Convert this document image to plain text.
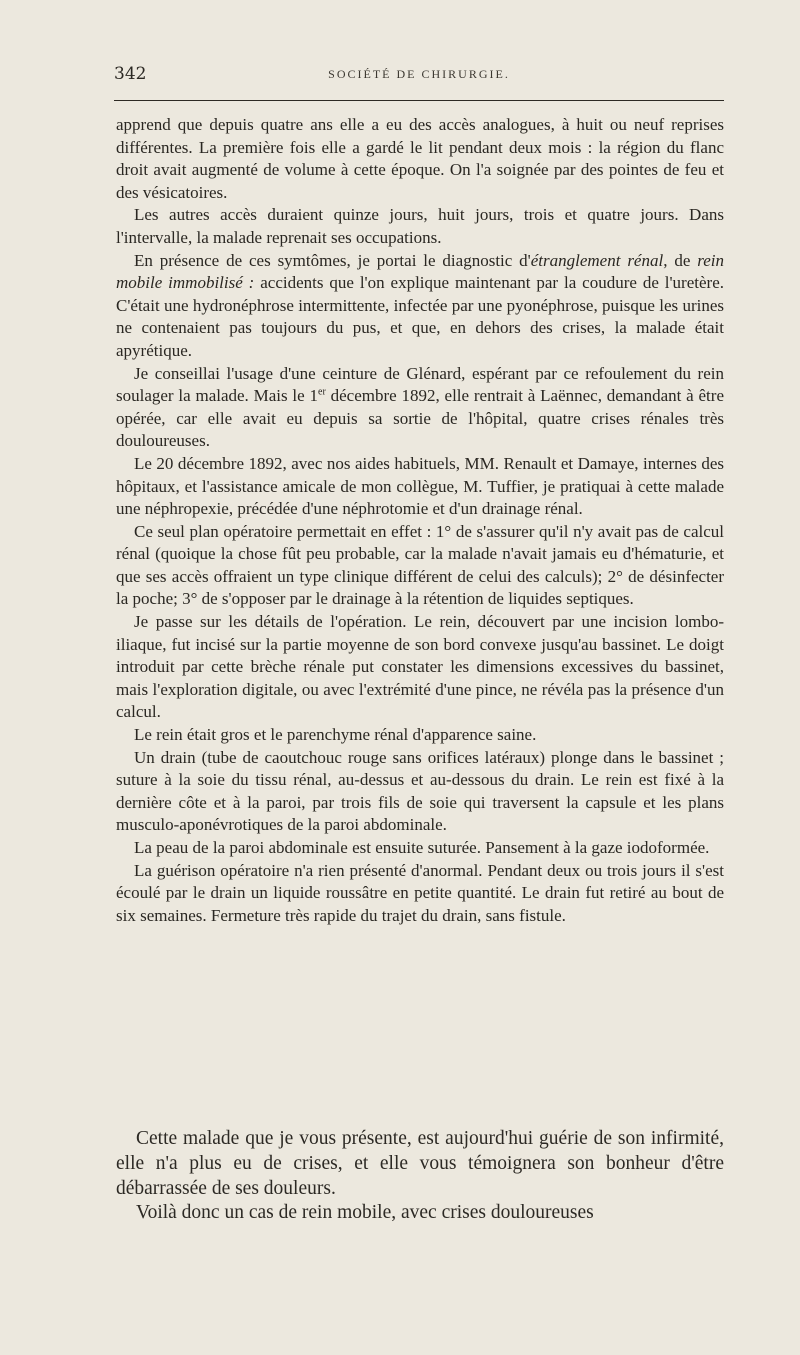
342	SOCIÉTÉ DE CHIRURGIE.

apprend que depuis quatre ans elle a eu des accès analogues, à huit ou neuf reprises différentes. La première fois elle a gardé le lit pendant deux mois : la région du flanc droit avait augmenté de volume à cette époque. On l'a soignée par des pointes de feu et des vésicatoires.

Les autres accès duraient quinze jours, huit jours, trois et quatre jours. Dans l'intervalle, la malade reprenait ses occupations.

En présence de ces symtômes, je portai le diagnostic d'étranglement rénal, de rein mobile immobilisé : accidents que l'on explique maintenant par la coudure de l'uretère. C'était une hydronéphrose intermittente, infectée par une pyonéphrose, puisque les urines ne contenaient pas toujours du pus, et que, en dehors des crises, la malade était apyrétique.

Je conseillai l'usage d'une ceinture de Glénard, espérant par ce refoulement du rein soulager la malade. Mais le 1er décembre 1892, elle rentrait à Laënnec, demandant à être opérée, car elle avait eu depuis sa sortie de l'hôpital, quatre crises rénales très douloureuses.

Le 20 décembre 1892, avec nos aides habituels, MM. Renault et Damaye, internes des hôpitaux, et l'assistance amicale de mon collègue, M. Tuffier, je pratiquai à cette malade une néphropexie, précédée d'une néphrotomie et d'un drainage rénal.

Ce seul plan opératoire permettait en effet : 1° de s'assurer qu'il n'y avait pas de calcul rénal (quoique la chose fût peu probable, car la malade n'avait jamais eu d'hématurie, et que ses accès offraient un type clinique différent de celui des calculs); 2° de désinfecter la poche; 3° de s'opposer par le drainage à la rétention de liquides septiques.

Je passe sur les détails de l'opération. Le rein, découvert par une incision lombo-iliaque, fut incisé sur la partie moyenne de son bord convexe jusqu'au bassinet. Le doigt introduit par cette brèche rénale put constater les dimensions excessives du bassinet, mais l'exploration digitale, ou avec l'extrémité d'une pince, ne révéla pas la présence d'un calcul.

Le rein était gros et le parenchyme rénal d'apparence saine.

Un drain (tube de caoutchouc rouge sans orifices latéraux) plonge dans le bassinet ; suture à la soie du tissu rénal, au-dessus et au-dessous du drain. Le rein est fixé à la dernière côte et à la paroi, par trois fils de soie qui traversent la capsule et les plans musculo-aponévrotiques de la paroi abdominale.

La peau de la paroi abdominale est ensuite suturée. Pansement à la gaze iodoformée.

La guérison opératoire n'a rien présenté d'anormal. Pendant deux ou trois jours il s'est écoulé par le drain un liquide roussâtre en petite quantité. Le drain fut retiré au bout de six semaines. Fermeture très rapide du trajet du drain, sans fistule.

Cette malade que je vous présente, est aujourd'hui guérie de son infirmité, elle n'a plus eu de crises, et elle vous témoignera son bonheur d'être débarrassée de ses douleurs.

Voilà donc un cas de rein mobile, avec crises douloureuses
